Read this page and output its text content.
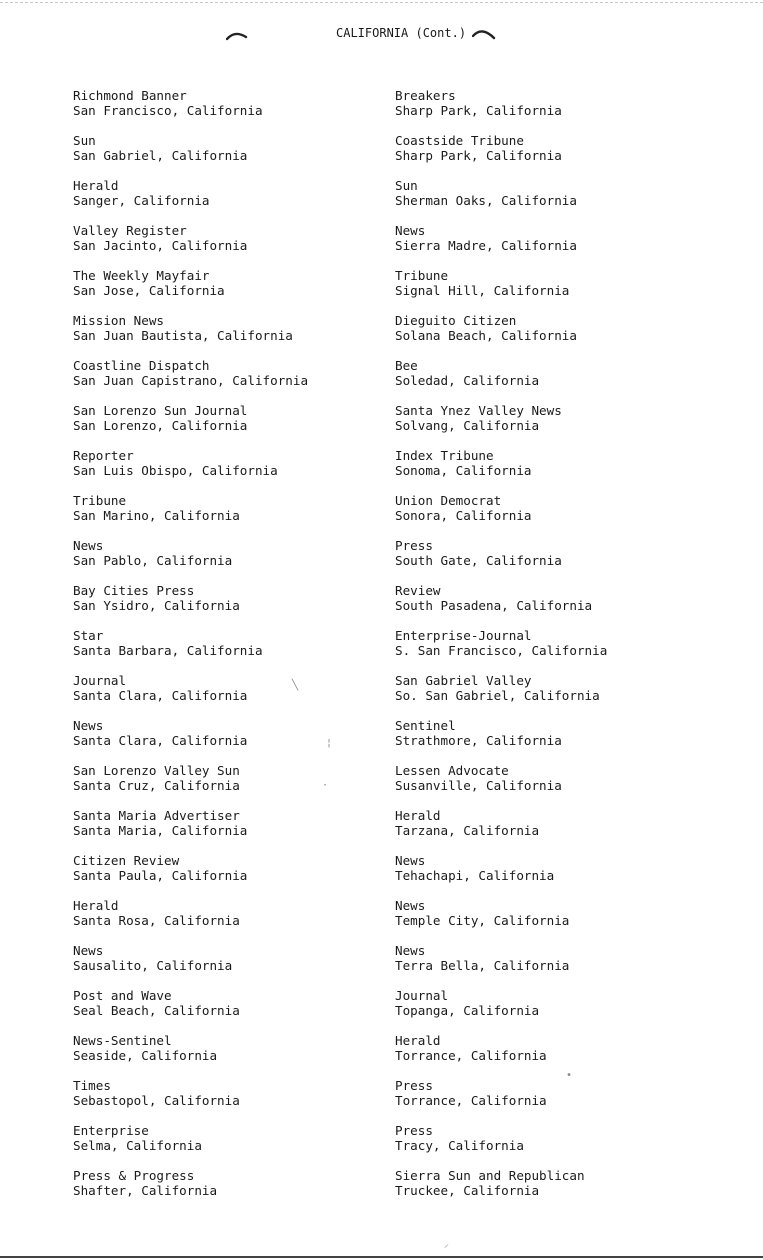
CALIFORNIA (Cont.)
Richmond Banner
San Francisco, California
Sun
San Gabriel, California
Herald
Sanger, California
Valley Register
San Jacinto, California
The Weekly Mayfair
San Jose, California
Mission News
San Juan Bautista, California
Coastline Dispatch
San Juan Capistrano, California
San Lorenzo Sun Journal
San Lorenzo, California
Reporter
San Luis Obispo, California
Tribune
San Marino, California
News
San Pablo, California
Bay Cities Press
San Ysidro, California
Star
Santa Barbara, California
Journal
Santa Clara, California
News
Santa Clara, California
San Lorenzo Valley Sun
Santa Cruz, California
Santa Maria Advertiser
Santa Maria, California
Citizen Review
Santa Paula, California
Herald
Santa Rosa, California
News
Sausalito, California
Post and Wave
Seal Beach, California
News-Sentinel
Seaside, California
Times
Sebastopol, California
Enterprise
Selma, California
Press & Progress
Shafter, California
Breakers
Sharp Park, California
Coastside Tribune
Sharp Park, California
Sun
Sherman Oaks, California
News
Sierra Madre, California
Tribune
Signal Hill, California
Dieguito Citizen
Solana Beach, California
Bee
Soledad, California
Santa Ynez Valley News
Solvang, California
Index Tribune
Sonoma, California
Union Democrat
Sonora, California
Press
South Gate, California
Review
South Pasadena, California
Enterprise-Journal
S. San Francisco, California
San Gabriel Valley
So. San Gabriel, California
Sentinel
Strathmore, California
Lessen Advocate
Susanville, California
Herald
Tarzana, California
News
Tehachapi, California
News
Temple City, California
News
Terra Bella, California
Journal
Topanga, California
Herald
Torrance, California
Press
Torrance, California
Press
Tracy, California
Sierra Sun and Republican
Truckee, California
╲
¦
·
•
⸝
